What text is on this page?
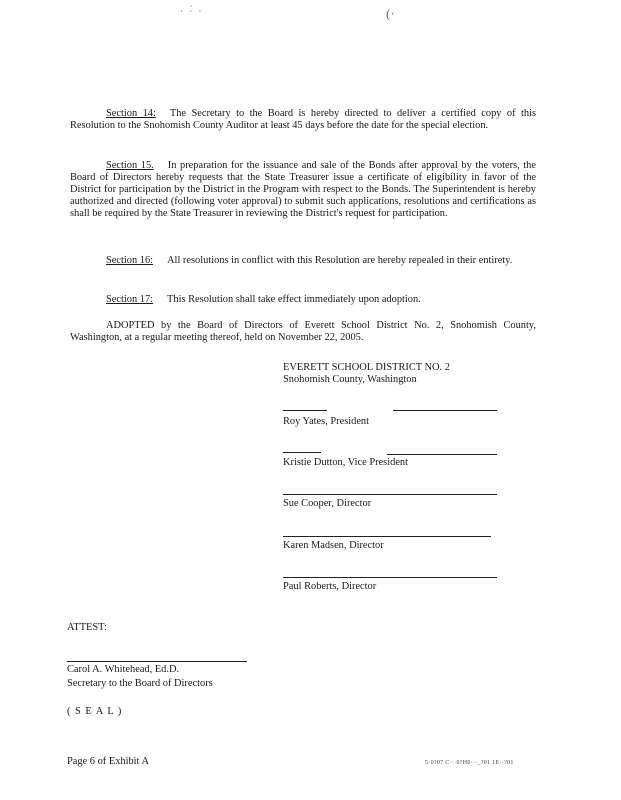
· ·́ ·	(·
Section 14: The Secretary to the Board is hereby directed to deliver a certified copy of this Resolution to the Snohomish County Auditor at least 45 days before the date for the special election.
Section 15. In preparation for the issuance and sale of the Bonds after approval by the voters, the Board of Directors hereby requests that the State Treasurer issue a certificate of eligibility in favor of the District for participation by the District in the Program with respect to the Bonds. The Superintendent is hereby authorized and directed (following voter approval) to submit such applications, resolutions and certifications as shall be required by the State Treasurer in reviewing the District's request for participation.
Section 16: All resolutions in conflict with this Resolution are hereby repealed in their entirety.
Section 17: This Resolution shall take effect immediately upon adoption.
ADOPTED by the Board of Directors of Everett School District No. 2, Snohomish County, Washington, at a regular meeting thereof, held on November 22, 2005.
EVERETT SCHOOL DISTRICT NO. 2
Snohomish County, Washington
Roy Yates, President
Kristie Dutton, Vice President
Sue Cooper, Director
Karen Madsen, Director
Paul Roberts, Director
ATTEST:
Carol A. Whitehead, Ed.D.
Secretary to the Board of Directors
( S E A L )
Page 6 of Exhibit A	5·0?07 C···0?H0···_?01 1E··?01
